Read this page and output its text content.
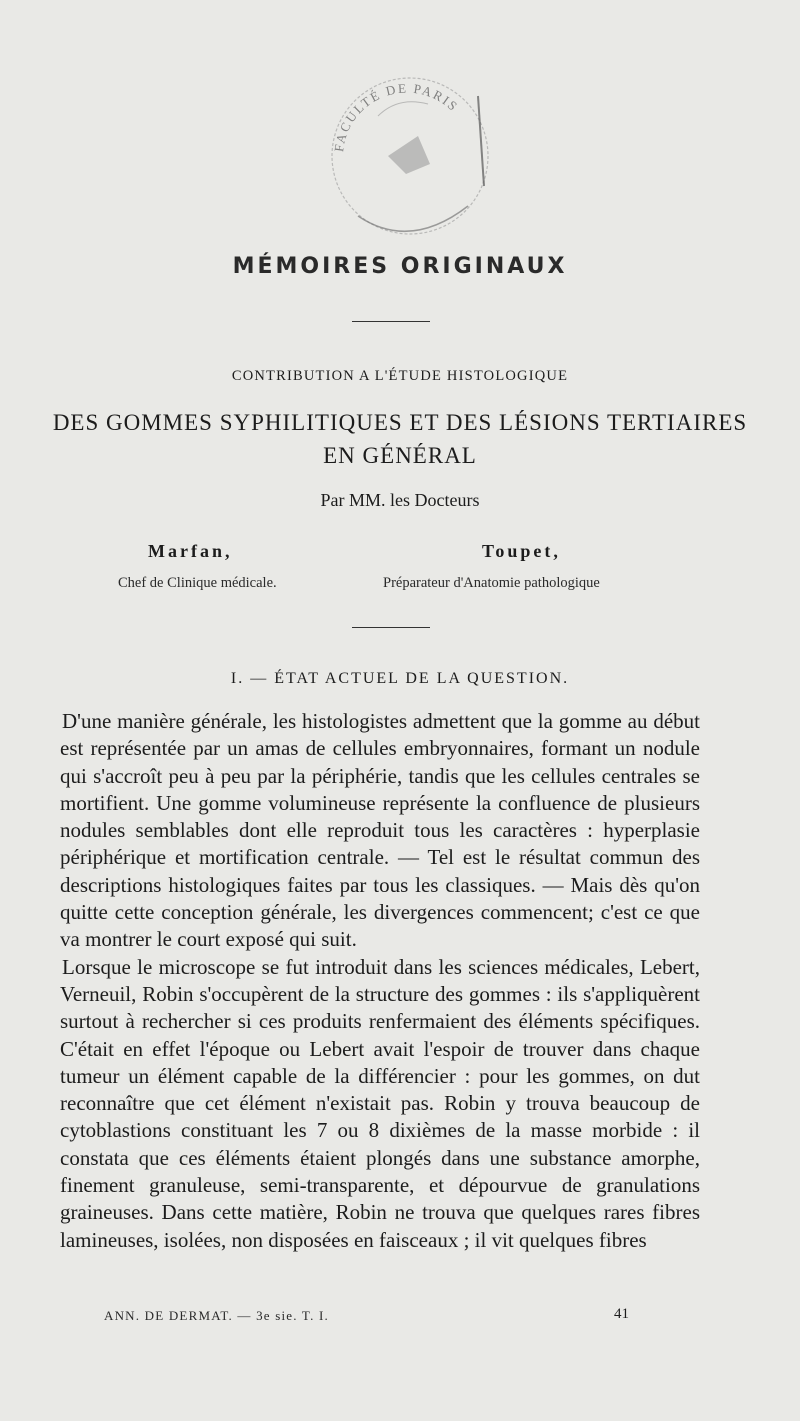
FACULTÉ DE PARIS
MÉMOIRES ORIGINAUX
CONTRIBUTION A L'ÉTUDE HISTOLOGIQUE
DES GOMMES SYPHILITIQUES ET DES LÉSIONS TERTIAIRES
EN GÉNÉRAL
Par MM. les Docteurs
Marfan,
Chef de Clinique médicale.
Toupet,
Préparateur d'Anatomie pathologique
I. — ÉTAT ACTUEL DE LA QUESTION.

D'une manière générale, les histologistes admettent que la gomme au début est représentée par un amas de cellules embryonnaires, formant un nodule qui s'accroît peu à peu par la périphérie, tandis que les cellules centrales se mortifient. Une gomme volumineuse représente la confluence de plusieurs nodules semblables dont elle reproduit tous les caractères : hyperplasie périphérique et mortification centrale. — Tel est le résultat commun des descriptions histologiques faites par tous les classiques. — Mais dès qu'on quitte cette conception générale, les divergences commencent; c'est ce que va montrer le court exposé qui suit.

Lorsque le microscope se fut introduit dans les sciences médicales, Lebert, Verneuil, Robin s'occupèrent de la structure des gommes : ils s'appliquèrent surtout à rechercher si ces produits renfermaient des éléments spécifiques. C'était en effet l'époque ou Lebert avait l'espoir de trouver dans chaque tumeur un élément capable de la différencier : pour les gommes, on dut reconnaître que cet élément n'existait pas. Robin y trouva beaucoup de cytoblastions constituant les 7 ou 8 dixièmes de la masse morbide : il constata que ces éléments étaient plongés dans une substance amorphe, finement granuleuse, semi-transparente, et dépourvue de granulations graineuses. Dans cette matière, Robin ne trouva que quelques rares fibres lamineuses, isolées, non disposées en faisceaux ; il vit quelques fibres

ANN. DE DERMAT. — 3e sie. T. I.	41
